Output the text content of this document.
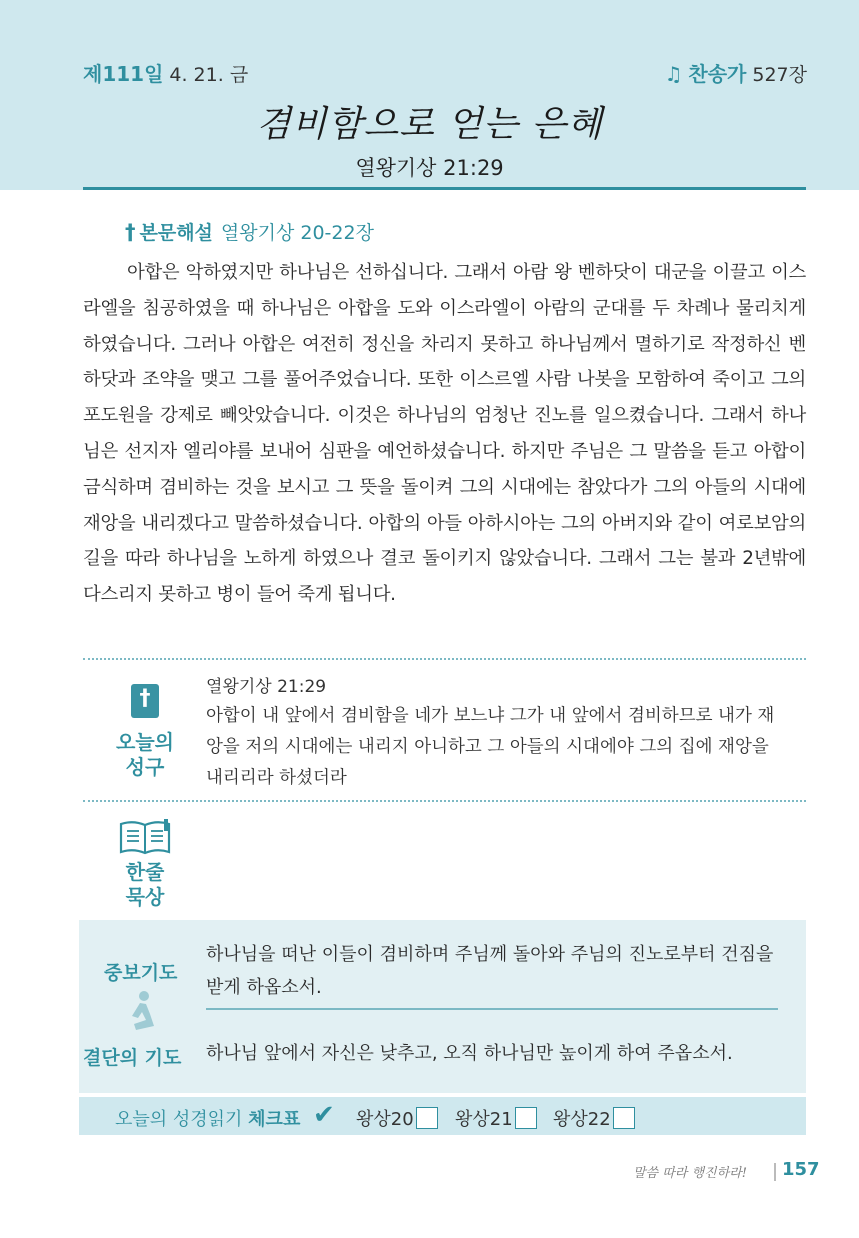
제111일 4. 21. 금	♫ 찬송가 527장
겸비함으로 얻는 은혜
열왕기상 21:29
† 본문해설 열왕기상 20-22장
아합은 악하였지만 하나님은 선하십니다. 그래서 아람 왕 벤하닷이 대군을 이끌고 이스라엘을 침공하였을 때 하나님은 아합을 도와 이스라엘이 아람의 군대를 두 차례나 물리치게 하였습니다. 그러나 아합은 여전히 정신을 차리지 못하고 하나님께서 멸하기로 작정하신 벤하닷과 조약을 맺고 그를 풀어주었습니다. 또한 이스르엘 사람 나봇을 모함하여 죽이고 그의 포도원을 강제로 빼앗았습니다. 이것은 하나님의 엄청난 진노를 일으켰습니다. 그래서 하나님은 선지자 엘리야를 보내어 심판을 예언하셨습니다. 하지만 주님은 그 말씀을 듣고 아합이 금식하며 겸비하는 것을 보시고 그 뜻을 돌이켜 그의 시대에는 참았다가 그의 아들의 시대에 재앙을 내리겠다고 말씀하셨습니다. 아합의 아들 아하시아는 그의 아버지와 같이 여로보암의 길을 따라 하나님을 노하게 하였으나 결코 돌이키지 않았습니다. 그래서 그는 불과 2년밖에 다스리지 못하고 병이 들어 죽게 됩니다.
†
오늘의
성구
열왕기상 21:29
아합이 내 앞에서 겸비함을 네가 보느냐 그가 내 앞에서 겸비하므로 내가 재앙을 저의 시대에는 내리지 아니하고 그 아들의 시대에야 그의 집에 재앙을 내리리라 하셨더라
한줄
묵상
중보기도
하나님을 떠난 이들이 겸비하며 주님께 돌아와 주님의 진노로부터 건짐을 받게 하옵소서.
결단의 기도 하나님 앞에서 자신은 낮추고, 오직 하나님만 높이게 하여 주옵소서.
오늘의 성경읽기 체크표 ✔ 왕상20	왕상21	왕상22
말씀 따라 행진하라! 157
